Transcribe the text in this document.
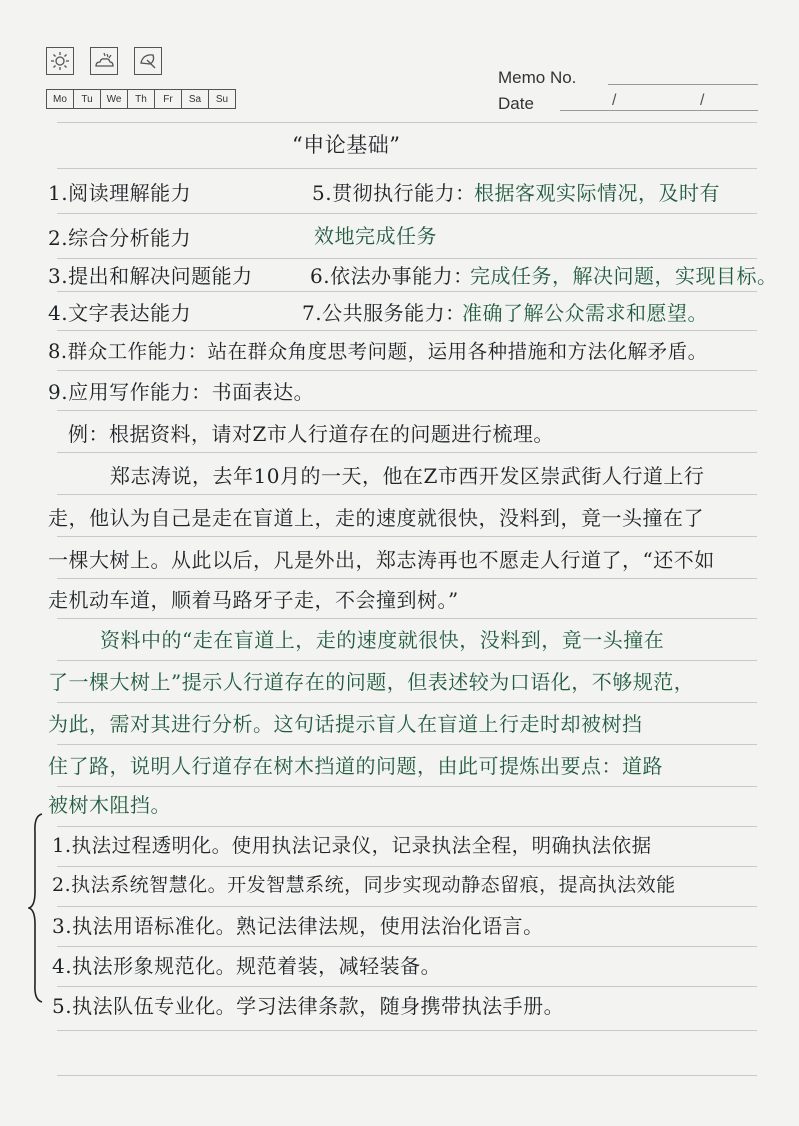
Mo	Tu	We	Th	Fr	Sa	Su
Memo No.
Date	/	/
“申论基础”
1.阅读理解能力	5.贯彻执行能力：
根据客观实际情况，及时有
2.综合分析能力	效地完成任务
3.提出和解决问题能力	6.依法办事能力：
完成任务，解决问题，实现目标。
4.文字表达能力	7.公共服务能力：
准确了解公众需求和愿望。
8.群众工作能力：站在群众角度思考问题，运用各种措施和方法化解矛盾。
9.应用写作能力：书面表达。
例：根据资料，请对Z市人行道存在的问题进行梳理。
郑志涛说，去年10月的一天，他在Z市西开发区崇武街人行道上行
走，他认为自己是走在盲道上，走的速度就很快，没料到，竟一头撞在了
一棵大树上。从此以后，凡是外出，郑志涛再也不愿走人行道了，“还不如
走机动车道，顺着马路牙子走，不会撞到树。”
资料中的“走在盲道上，走的速度就很快，没料到，竟一头撞在
了一棵大树上”提示人行道存在的问题，但表述较为口语化，不够规范，
为此，需对其进行分析。这句话提示盲人在盲道上行走时却被树挡
住了路，说明人行道存在树木挡道的问题，由此可提炼出要点：道路
被树木阻挡。
1.执法过程透明化。使用执法记录仪，记录执法全程，明确执法依据
2.执法系统智慧化。开发智慧系统，同步实现动静态留痕，提高执法效能
3.执法用语标准化。熟记法律法规，使用法治化语言。
4.执法形象规范化。规范着装，减轻装备。
5.执法队伍专业化。学习法律条款，随身携带执法手册。
